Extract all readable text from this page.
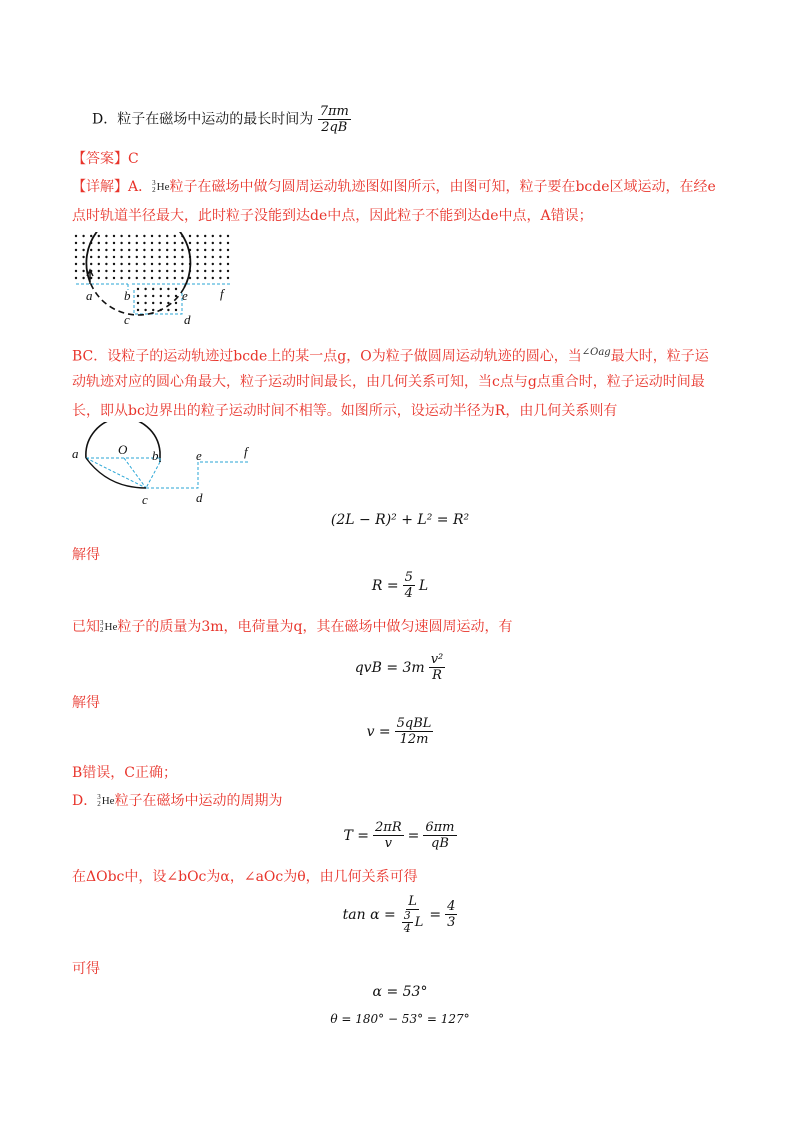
D．粒子在磁场中运动的最长时间为 $\frac{7\pi m}{2qB}$
【答案】C
【详解】A． 3
2 He 粒子在磁场中做匀圆周运动轨迹图如图所示，由图可知，粒子要在bcde区域运动，在经e
点时轨道半径最大，此时粒子没能到达de中点，因此粒子不能到达de中点，A错误；
a b
c	d
e f
BC．设粒子的运动轨迹过bcde上的某一点g，O为粒子做圆周运动轨迹的圆心，当$^{\angle Oag}$最大时，粒子运
动轨迹对应的圆心角最大，粒子运动时间最长，由几何关系可知，当c点与g点重合时，粒子运动时间最
长，即从bc边界出的粒子运动时间不相等。如图所示，设运动半径为R，由几何关系则有
a	O b
c	d
e	f
(2L − R)² + L² = R²
解得
$R = \frac{5}{4}$ L
已知 3
2 He 粒子的质量为3m，电荷量为q，其在磁场中做匀速圆周运动，有
qvB = $3m \frac{\text{v²}}{R}$
解得
$v = \frac{\text{5qBL}}{12m}$
B错误，C正确；
D． 3
2 He 粒子在磁场中运动的周期为
$T = \frac{2\pi R}{v} = \frac{6\pi m}{qB}$
在ΔObc中，设∠bOc为α，∠aOc为θ，由几何关系可得
$\tan \alpha = \frac{L}{\frac{3}{4} L} = \frac{4}{3}$
可得
α = 53°
θ = 180° − 53° = 127°
